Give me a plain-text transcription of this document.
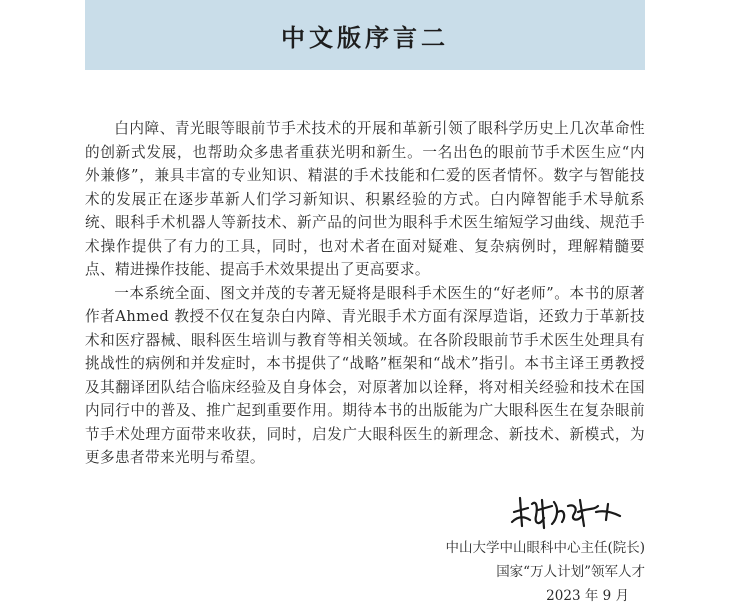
中文版序言二

白内障、青光眼等眼前节手术技术的开展和革新引领了眼科学历史上几次革命性的创新式发展，也帮助众多患者重获光明和新生。一名出色的眼前节手术医生应“内外兼修”，兼具丰富的专业知识、精湛的手术技能和仁爱的医者情怀。数字与智能技术的发展正在逐步革新人们学习新知识、积累经验的方式。白内障智能手术导航系统、眼科手术机器人等新技术、新产品的问世为眼科手术医生缩短学习曲线、规范手术操作提供了有力的工具，同时，也对术者在面对疑难、复杂病例时，理解精髓要点、精进操作技能、提高手术效果提出了更高要求。

一本系统全面、图文并茂的专著无疑将是眼科手术医生的“好老师”。本书的原著作者Ahmed 教授不仅在复杂白内障、青光眼手术方面有深厚造诣，还致力于革新技术和医疗器械、眼科医生培训与教育等相关领域。在各阶段眼前节手术医生处理具有挑战性的病例和并发症时，本书提供了“战略”框架和“战术”指引。本书主译王勇教授及其翻译团队结合临床经验及自身体会，对原著加以诠释，将对相关经验和技术在国内同行中的普及、推广起到重要作用。期待本书的出版能为广大眼科医生在复杂眼前节手术处理方面带来收获，同时，启发广大眼科医生的新理念、新技术、新模式，为更多患者带来光明与希望。

中山大学中山眼科中心主任(院长)
国家“万人计划”领军人才
2023 年 9 月
